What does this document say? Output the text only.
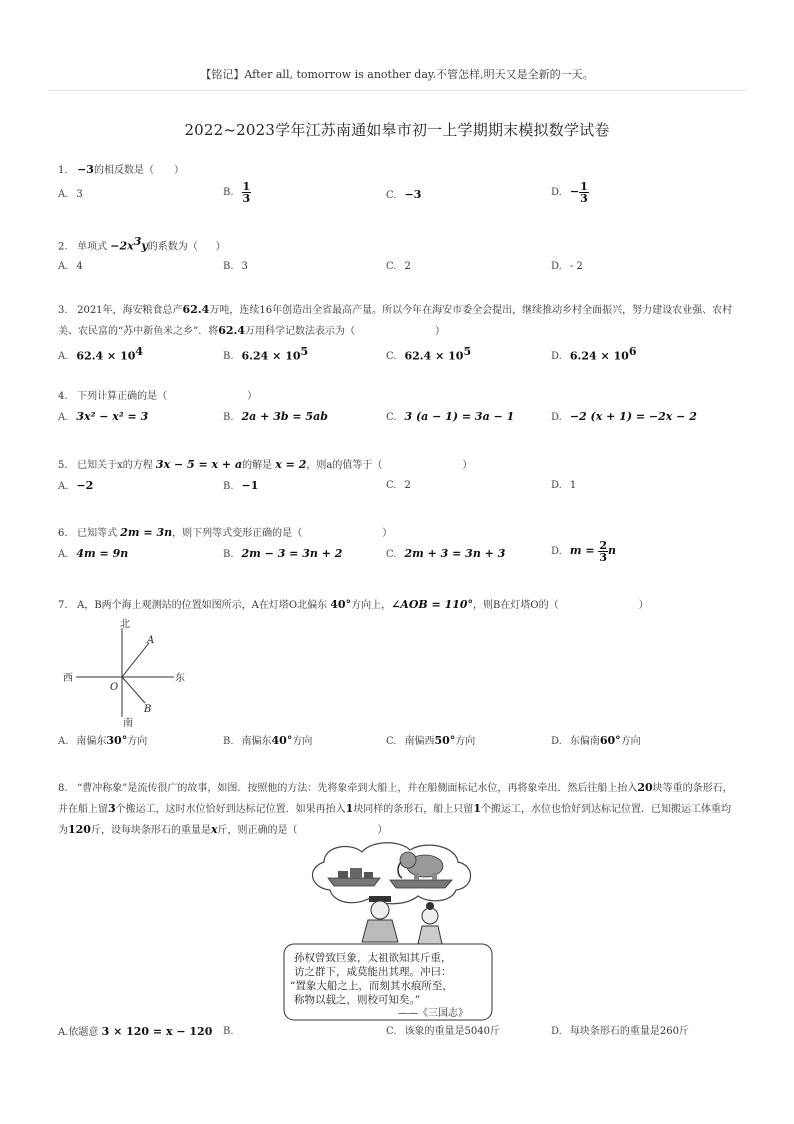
【铭记】After all, tomorrow is another day.不管怎样,明天又是全新的一天。
2022~2023学年江苏南通如皋市初一上学期期末模拟数学试卷
1. −3的相反数是（ ）
A. 3	B. $\frac{1}{3}$	C. −3	D. − $\frac{1}{3}$
2. 单项式 $-2x^3y$的系数为（ ）
A. 4	B. 3	C. 2	D. - 2
3. 2021年，海安粮食总产62.4万吨，连续16年创造出全省最高产量。所以今年在海安市委全会提出，继续推动乡村全面振兴，努力建设农业强、农村美、农民富的“苏中新鱼米之乡”．将62.4万用科学记数法表示为（	）
A. $62.4 \times 10^4$	B. $6.24 \times 10^5$	C. $62.4 \times 10^5$	D. $6.24 \times 10^6$
4. 下列计算正确的是（	）
A. 3x² − x² = 3	B. 2a + 3b = 5ab	C. 3 (a − 1) = 3a − 1	D. −2 (x + 1) = −2x − 2
5. 已知关于x的方程 3x − 5 = x + a的解是 x = 2，则a的值等于（	）
A. −2	B. −1	C. 2	D. 1
6. 已知等式 2m = 3n，则下列等式变形正确的是（	）
A. 4m = 9n	B. 2m − 3 = 3n + 2	C. 2m + 3 = 3n + 3	D. $m = \frac{2}{3}$ n
7. A，B两个海上观测站的位置如图所示，A在灯塔O北偏东 40°方向上，∠AOB = 110°，则B在灯塔O的（	）
北
南
西	东
A
B
O
A. 南偏东30°方向	B. 南偏东40°方向	C. 南偏西50°方向	D. 东偏南60°方向
8. “曹冲称象”是流传很广的故事，如图．按照他的方法：先将象牵到大船上，并在船侧面标记水位，再将象牵出．然后往船上抬入20块等重的条形石，并在船上留3个搬运工，这时水位恰好到达标记位置．如果再抬入1块同样的条形石，船上只留1个搬运工，水位也恰好到达标记位置．已知搬运工体重均为120斤，设每块条形石的重量是x斤，则正确的是（	）
孙权曾致巨象，太祖欲知其斤重，
访之群下，咸莫能出其理。冲曰：
“置象大船之上，而刻其水痕所至，
称物以载之，则校可知矣。”
——《三国志》
A.依题意 3 × 120 = x − 120 B.	C. 该象的重量是5040斤	D. 每块条形石的重量是260斤
